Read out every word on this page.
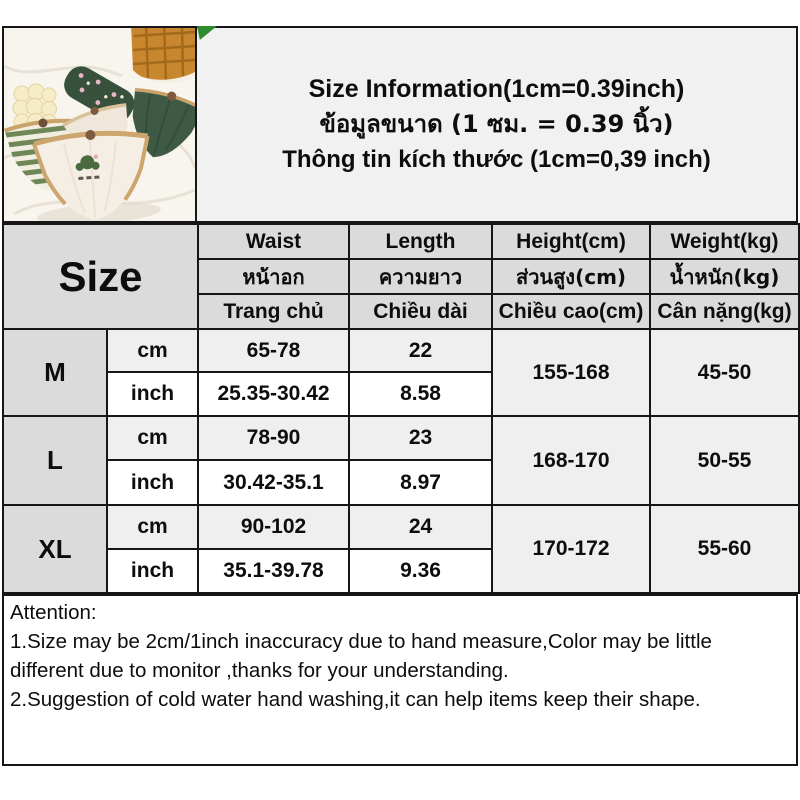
Size Information(1cm=0.39inch)
ข้อมูลขนาด (1 ซม. = 0.39 นิ้ว)
Thông tin kích thước (1cm=0,39 inch)
Size		Waist	Length	Height(cm)	Weight(kg)
		หน้าอก	ความยาว	ส่วนสูง(cm)	น้ำหนัก(kg)
		Trang chủ	Chiều dài	Chiều cao(cm)	Cân nặng(kg)
M	cm	65-78	22	155-168	45-50
	inch	25.35-30.42	8.58		
L	cm	78-90	23	168-170	50-55
	inch	30.42-35.1	8.97		
XL	cm	90-102	24	170-172	55-60
	inch	35.1-39.78	9.36		
Attention:
1.Size may be 2cm/1inch inaccuracy due to hand measure,Color may be little different due to monitor ,thanks for your understanding.
2.Suggestion of cold water hand washing,it can help items keep their shape.
